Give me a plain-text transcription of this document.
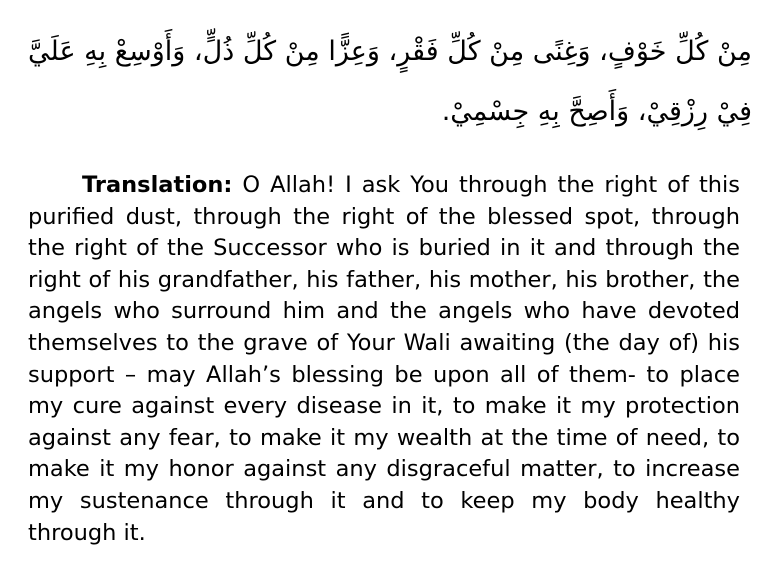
مِنْ كُلِّ خَوْفٍ، وَغِنًى مِنْ كُلِّ فَقْرٍ، وَعِزًّا مِنْ كُلِّ ذُلٍّ، وَأَوْسِعْ بِهِ عَلَيَّ فِيْ رِزْقِيْ، وَأَصِحَّ بِهِ جِسْمِيْ.

Translation: O Allah! I ask You through the right of this purified dust, through the right of the blessed spot, through the right of the Successor who is buried in it and through the right of his grandfather, his father, his mother, his brother, the angels who surround him and the angels who have devoted themselves to the grave of Your Wali awaiting (the day of) his support – may Allah’s blessing be upon all of them- to place my cure against every disease in it, to make it my protection against any fear, to make it my wealth at the time of need, to make it my honor against any disgraceful matter, to increase my sustenance through it and to keep my body healthy through it.
